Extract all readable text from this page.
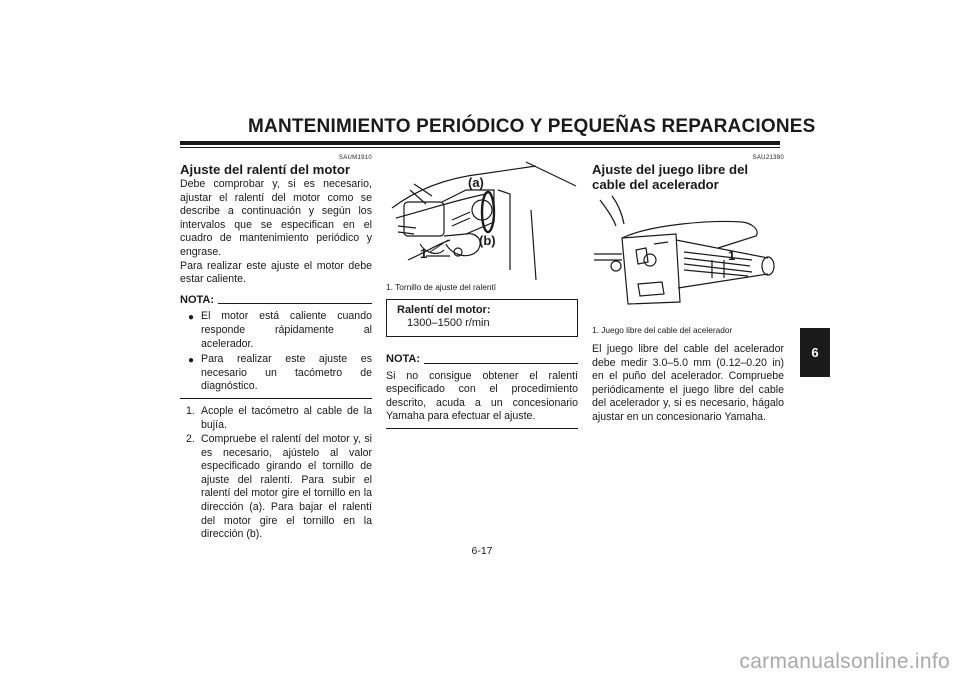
MANTENIMIENTO PERIÓDICO Y PEQUEÑAS REPARACIONES
SAUM1910
Ajuste del ralentí del motor

Debe comprobar y, si es necesario, ajustar el ralentí del motor como se describe a continuación y según los intervalos que se especifican en el cuadro de mantenimiento periódico y engrase.

Para realizar este ajuste el motor debe estar caliente.

NOTA:
● El motor está caliente cuando responde rápidamente al acelerador.
● Para realizar este ajuste es necesario un tacómetro de diagnóstico.
1. Acople el tacómetro al cable de la bujía.
2. Compruebe el ralentí del motor y, si es necesario, ajústelo al valor especificado girando el tornillo de ajuste del ralentí. Para subir el ralentí del motor gire el tornillo en la dirección (a). Para bajar el ralentí del motor gire el tornillo en la dirección (b).
(a)
(b)
1
1. Tornillo de ajuste del ralentí
Ralentí del motor:
1300–1500 r/min
NOTA:

Si no consigue obtener el ralentí especificado con el procedimiento descrito, acuda a un concesionario Yamaha para efectuar el ajuste.

SAU21380
Ajuste del juego libre del cable del acelerador
1
1. Juego libre del cable del acelerador

El juego libre del cable del acelerador debe medir 3.0–5.0 mm (0.12–0.20 in) en el puño del acelerador. Compruebe periódicamente el juego libre del cable del acelerador y, si es necesario, hágalo ajustar en un concesionario Yamaha.

6
6-17
carmanualsonline.info
